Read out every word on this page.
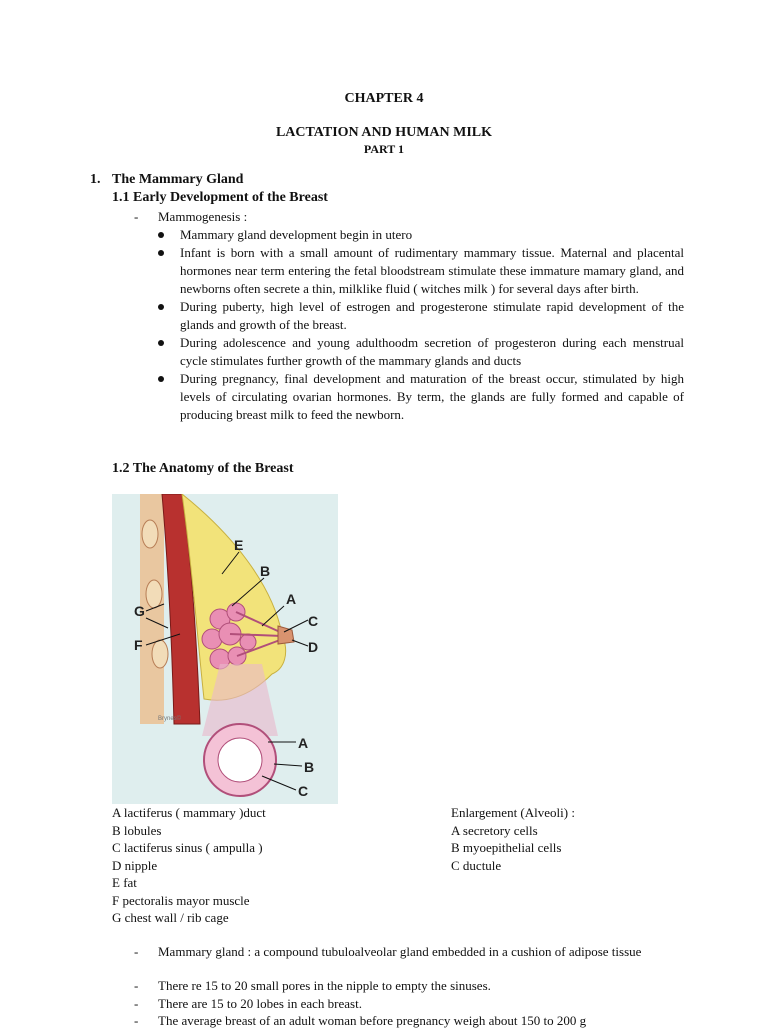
CHAPTER 4
LACTATION AND HUMAN MILK
PART 1
1. The Mammary Gland
1.1 Early Development of the Breast
- Mammogenesis :
Mammary gland development begin in utero
Infant is born with a small amount of rudimentary mammary tissue. Maternal and placental hormones near term entering the fetal bloodstream stimulate these immature mamary gland, and newborns often secrete a thin, milklike fluid ( witches milk ) for several days after birth.
During puberty, high level of estrogen and progesterone stimulate rapid development of the glands and growth of the breast.
During adolescence and young adulthoodm secretion of progesteron during each menstrual cycle stimulates further growth of the mammary glands and ducts
During pregnancy, final development and maturation of the breast occur, stimulated by high levels of circulating ovarian hormones. By term, the glands are fully formed and capable of producing breast milk to feed the newborn.
1.2 The Anatomy of the Breast
E
B
A
C
D
G
F
A
B
C
Brynes©
A lactiferus ( mammary )duct
B lobules
C lactiferus sinus ( ampulla )
D nipple
E fat
F pectoralis mayor muscle
G chest wall / rib cage
Enlargement (Alveoli) :
A secretory cells
B myoepithelial cells
C ductule
- Mammary gland : a compound tubuloalveolar gland embedded in a cushion of adipose tissue
- There re 15 to 20 small pores in the nipple to empty the sinuses.
- There are 15 to 20 lobes in each breast.
- The average breast of an adult woman before pregnancy weigh about 150 to 200 g
